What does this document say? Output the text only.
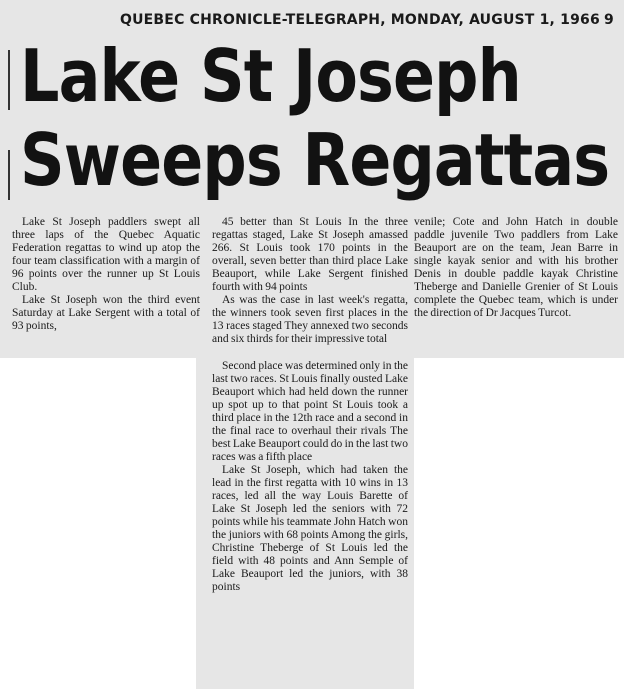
QUEBEC CHRONICLE-TELEGRAPH, MONDAY, AUGUST 1, 1966 9
Lake St Joseph
Sweeps Regattas

Lake St Joseph paddlers swept all three laps of the Quebec Aquatic Federation regattas to wind up atop the four team classification with a margin of 96 points over the runner up St Louis Club.

Lake St Joseph won the third event Saturday at Lake Sergent with a total of 93 points,

45 better than St Louis In the three regattas staged, Lake St Joseph amassed 266. St Louis took 170 points in the overall, seven better than third place Lake Beauport, while Lake Sergent finished fourth with 94 points

As was the case in last week's regatta, the winners took seven first places in the 13 races staged They annexed two seconds and six thirds for their impressive total

venile; Cote and John Hatch in double paddle juvenile Two paddlers from Lake Beauport are on the team, Jean Barre in single kayak senior and with his brother Denis in double paddle kayak Christine Theberge and Danielle Grenier of St Louis complete the Quebec team, which is under the direction of Dr Jacques Turcot.

Second place was determined only in the last two races. St Louis finally ousted Lake Beauport which had held down the runner up spot up to that point St Louis took a third place in the 12th race and a second in the final race to overhaul their rivals The best Lake Beauport could do in the last two races was a fifth place

Lake St Joseph, which had taken the lead in the first regatta with 10 wins in 13 races, led all the way Louis Barette of Lake St Joseph led the seniors with 72 points while his teammate John Hatch won the juniors with 68 points Among the girls, Christine Theberge of St Louis led the field with 48 points and Ann Semple of Lake Beauport led the juniors, with 38 points
